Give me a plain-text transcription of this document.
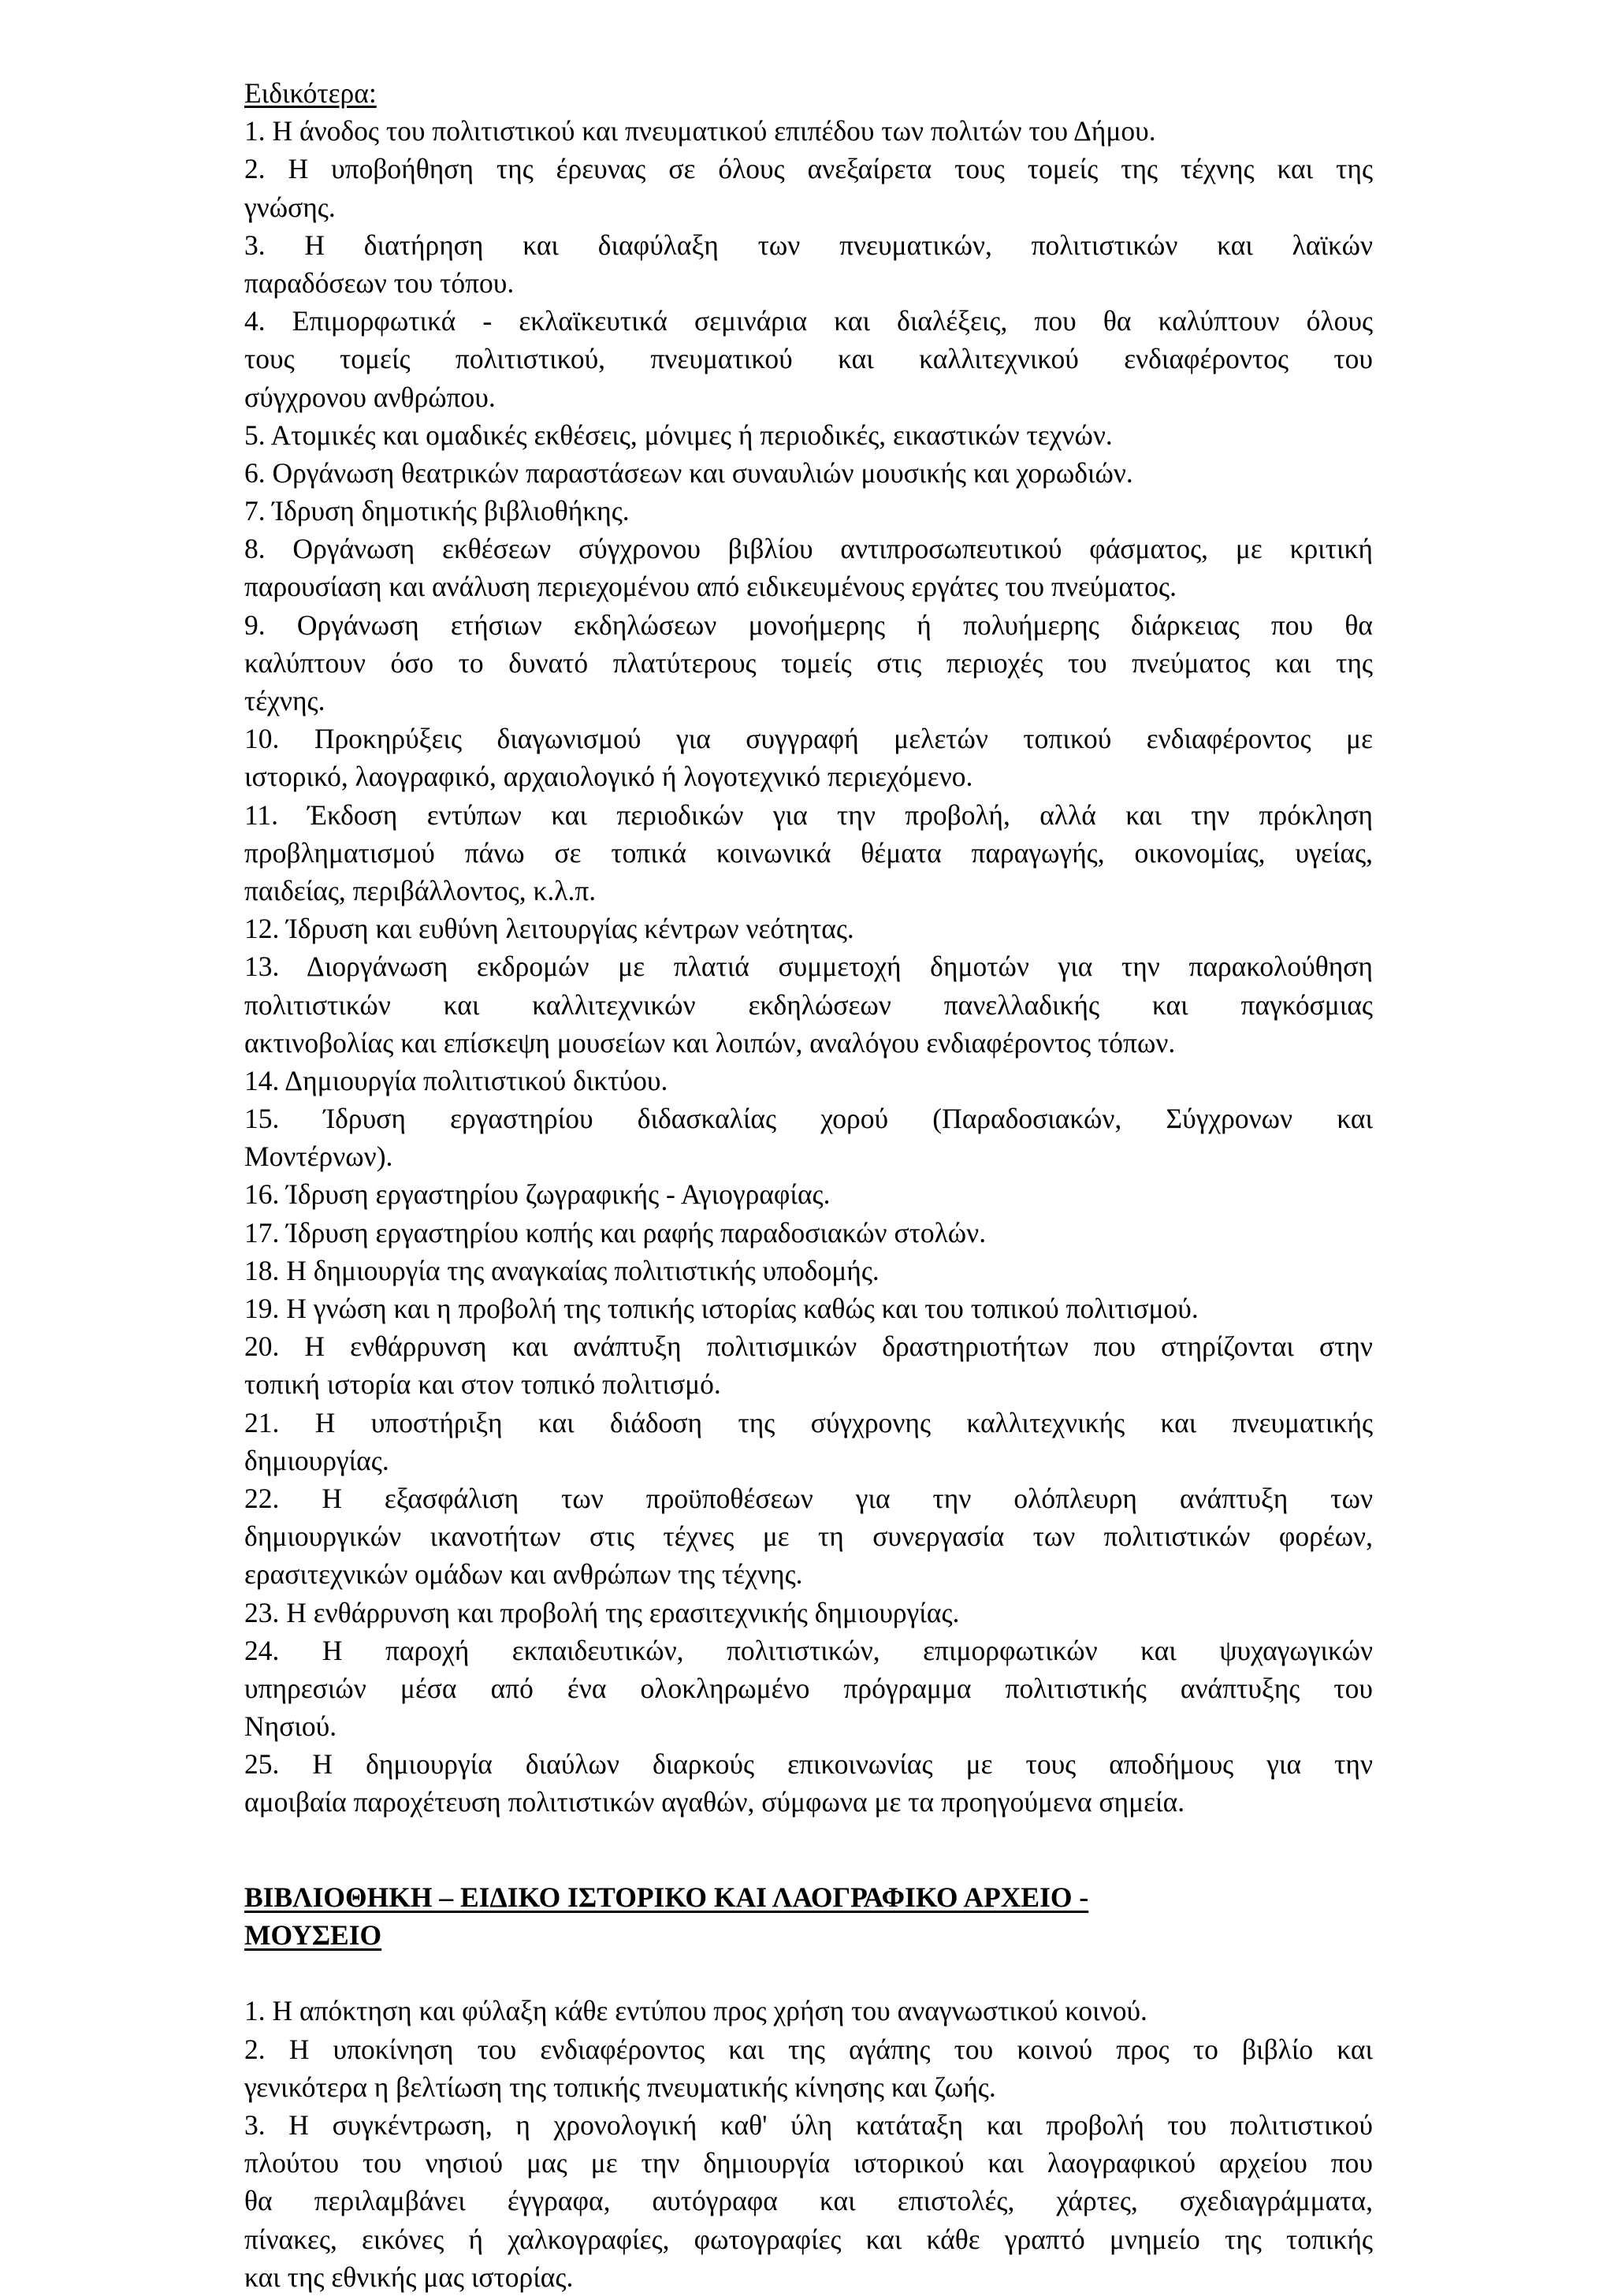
Ειδικότερα:
1. Η άνοδος του πολιτιστικού και πνευματικού επιπέδου των πολιτών του Δήμου.
2. Η υποβοήθηση της έρευνας σε όλους ανεξαίρετα τους τομείς της τέχνης και της
γνώσης.
3. Η διατήρηση και διαφύλαξη των πνευματικών, πολιτιστικών και λαϊκών
παραδόσεων του τόπου.
4. Επιμορφωτικά - εκλαϊκευτικά σεμινάρια και διαλέξεις, που θα καλύπτουν όλους
τους τομείς πολιτιστικού, πνευματικού και καλλιτεχνικού ενδιαφέροντος του
σύγχρονου ανθρώπου.
5. Ατομικές και ομαδικές εκθέσεις, μόνιμες ή περιοδικές, εικαστικών τεχνών.
6. Οργάνωση θεατρικών παραστάσεων και συναυλιών μουσικής και χορωδιών.
7. Ίδρυση δημοτικής βιβλιοθήκης.
8. Οργάνωση εκθέσεων σύγχρονου βιβλίου αντιπροσωπευτικού φάσματος, με κριτική
παρουσίαση και ανάλυση περιεχομένου από ειδικευμένους εργάτες του πνεύματος.
9. Οργάνωση ετήσιων εκδηλώσεων μονοήμερης ή πολυήμερης διάρκειας που θα
καλύπτουν όσο το δυνατό πλατύτερους τομείς στις περιοχές του πνεύματος και της
τέχνης.
10. Προκηρύξεις διαγωνισμού για συγγραφή μελετών τοπικού ενδιαφέροντος με
ιστορικό, λαογραφικό, αρχαιολογικό ή λογοτεχνικό περιεχόμενο.
11. Έκδοση εντύπων και περιοδικών για την προβολή, αλλά και την πρόκληση
προβληματισμού πάνω σε τοπικά κοινωνικά θέματα παραγωγής, οικονομίας, υγείας,
παιδείας, περιβάλλοντος, κ.λ.π.
12. Ίδρυση και ευθύνη λειτουργίας κέντρων νεότητας.
13. Διοργάνωση εκδρομών με πλατιά συμμετοχή δημοτών για την παρακολούθηση
πολιτιστικών και καλλιτεχνικών εκδηλώσεων πανελλαδικής και παγκόσμιας
ακτινοβολίας και επίσκεψη μουσείων και λοιπών, αναλόγου ενδιαφέροντος τόπων.
14. Δημιουργία πολιτιστικού δικτύου.
15. Ίδρυση εργαστηρίου διδασκαλίας χορού (Παραδοσιακών, Σύγχρονων και
Μοντέρνων).
16. Ίδρυση εργαστηρίου ζωγραφικής - Αγιογραφίας.
17. Ίδρυση εργαστηρίου κοπής και ραφής παραδοσιακών στολών.
18. Η δημιουργία της αναγκαίας πολιτιστικής υποδομής.
19. Η γνώση και η προβολή της τοπικής ιστορίας καθώς και του τοπικού πολιτισμού.
20. Η ενθάρρυνση και ανάπτυξη πολιτισμικών δραστηριοτήτων που στηρίζονται στην
τοπική ιστορία και στον τοπικό πολιτισμό.
21. Η υποστήριξη και διάδοση της σύγχρονης καλλιτεχνικής και πνευματικής
δημιουργίας.
22. Η εξασφάλιση των προϋποθέσεων για την ολόπλευρη ανάπτυξη των
δημιουργικών ικανοτήτων στις τέχνες με τη συνεργασία των πολιτιστικών φορέων,
ερασιτεχνικών ομάδων και ανθρώπων της τέχνης.
23. Η ενθάρρυνση και προβολή της ερασιτεχνικής δημιουργίας.
24. Η παροχή εκπαιδευτικών, πολιτιστικών, επιμορφωτικών και ψυχαγωγικών
υπηρεσιών μέσα από ένα ολοκληρωμένο πρόγραμμα πολιτιστικής ανάπτυξης του
Νησιού.
25. Η δημιουργία διαύλων διαρκούς επικοινωνίας με τους αποδήμους για την
αμοιβαία παροχέτευση πολιτιστικών αγαθών, σύμφωνα με τα προηγούμενα σημεία.
ΒΙΒΛΙΟΘΗΚΗ – ΕΙΔΙΚΟ ΙΣΤΟΡΙΚΟ ΚΑΙ ΛΑΟΓΡΑΦΙΚΟ ΑΡΧΕΙΟ -
ΜΟΥΣΕΙΟ
1. Η απόκτηση και φύλαξη κάθε εντύπου προς χρήση του αναγνωστικού κοινού.
2. Η υποκίνηση του ενδιαφέροντος και της αγάπης του κοινού προς το βιβλίο και
γενικότερα η βελτίωση της τοπικής πνευματικής κίνησης και ζωής.
3. Η συγκέντρωση, η χρονολογική καθ' ύλη κατάταξη και προβολή του πολιτιστικού
πλούτου του νησιού μας με την δημιουργία ιστορικού και λαογραφικού αρχείου που
θα περιλαμβάνει έγγραφα, αυτόγραφα και επιστολές, χάρτες, σχεδιαγράμματα,
πίνακες, εικόνες ή χαλκογραφίες, φωτογραφίες και κάθε γραπτό μνημείο της τοπικής
και της εθνικής μας ιστορίας.
